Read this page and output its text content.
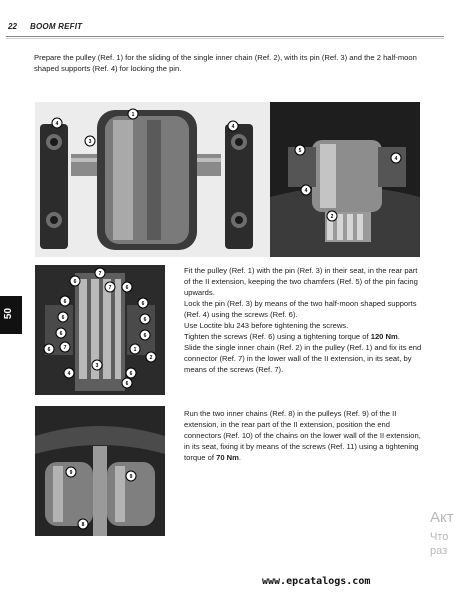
22 BOOM REFIT

Prepare the pulley (Ref. 1) for the sliding of the single inner chain (Ref. 2), with its pin (Ref. 3) and the 2 half-moon shaped supports (Ref. 4) for locking the pin.

4
3
1
4
5
4
4
2
50
7
6
7	6
6	6
6	6
6	6
6	7	1
2
3
4	6
6

Fit the pulley (Ref. 1) with the pin (Ref. 3) in their seat, in the rear part of the II extension, keeping the two chamfers (Ref. 5) of the pin facing upwards.

Lock the pin (Ref. 3) by means of the two half-moon shaped supports (Ref. 4) using the screws (Ref. 6).

Use Loctite blu 243 before tightening the screws.

Tighten the screws (Ref. 6) using a tightening torque of 120 Nm.

Slide the single inner chain (Ref. 2) in the pulley (Ref. 1) and fix its end connector (Ref. 7) in the lower wall of the II extension, in its seat, by means of the screws (Ref. 7).

9
9
8

Run the two inner chains (Ref. 8) in the pulleys (Ref. 9) of the II extension, in the rear part of the II extension, position the end connectors (Ref. 10) of the chains on the lower wall of the II extension, in its seat, fixing it by means of the screws (Ref. 11) using a tightening torque of 70 Nm.

Акт
Что
раз
www.epcatalogs.com
